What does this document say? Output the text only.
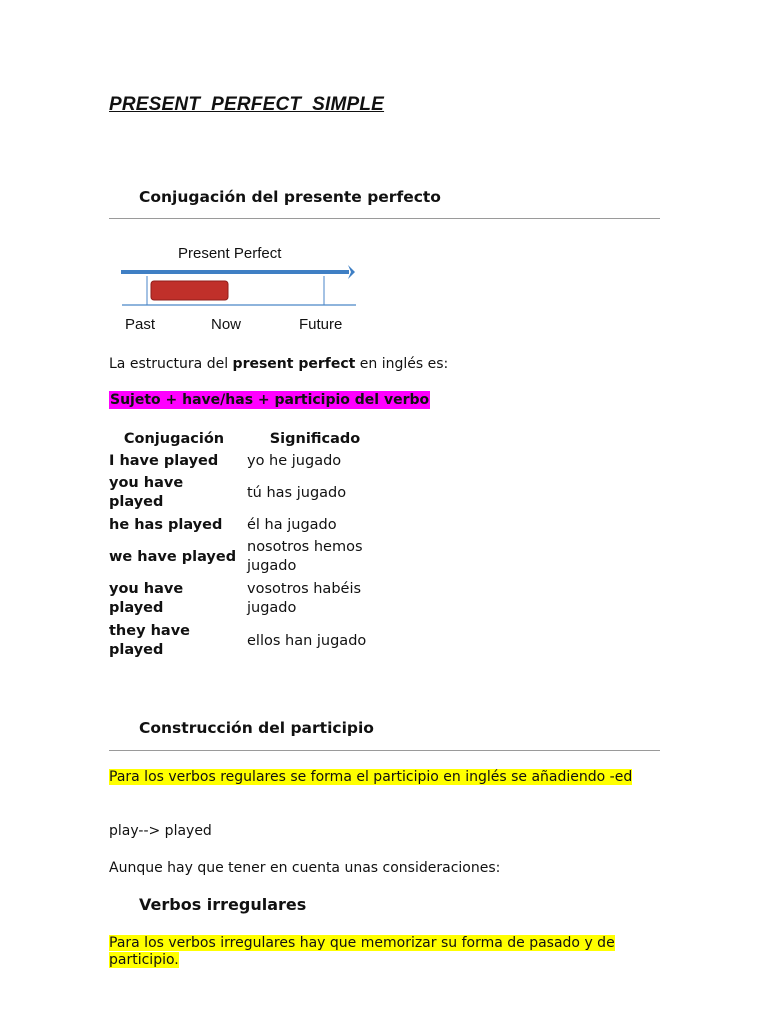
PRESENT  PERFECT  SIMPLE
Conjugación del presente perfecto
Present Perfect
Past	Now	Future
La estructura del present perfect en inglés es:
Sujeto + have/has + participio del verbo
Conjugación	Significado
I have played	yo he jugado
you have played	tú has jugado
he has played	él ha jugado
we have played	nosotros hemos jugado
you have played	vosotros habéis jugado
they have played	ellos han jugado
Construcción del participio
Para los verbos regulares se forma el participio en inglés se añadiendo -ed
play--> played
Aunque hay que tener en cuenta unas consideraciones:
Verbos irregulares
Para los verbos irregulares hay que memorizar su forma de pasado y de participio.
